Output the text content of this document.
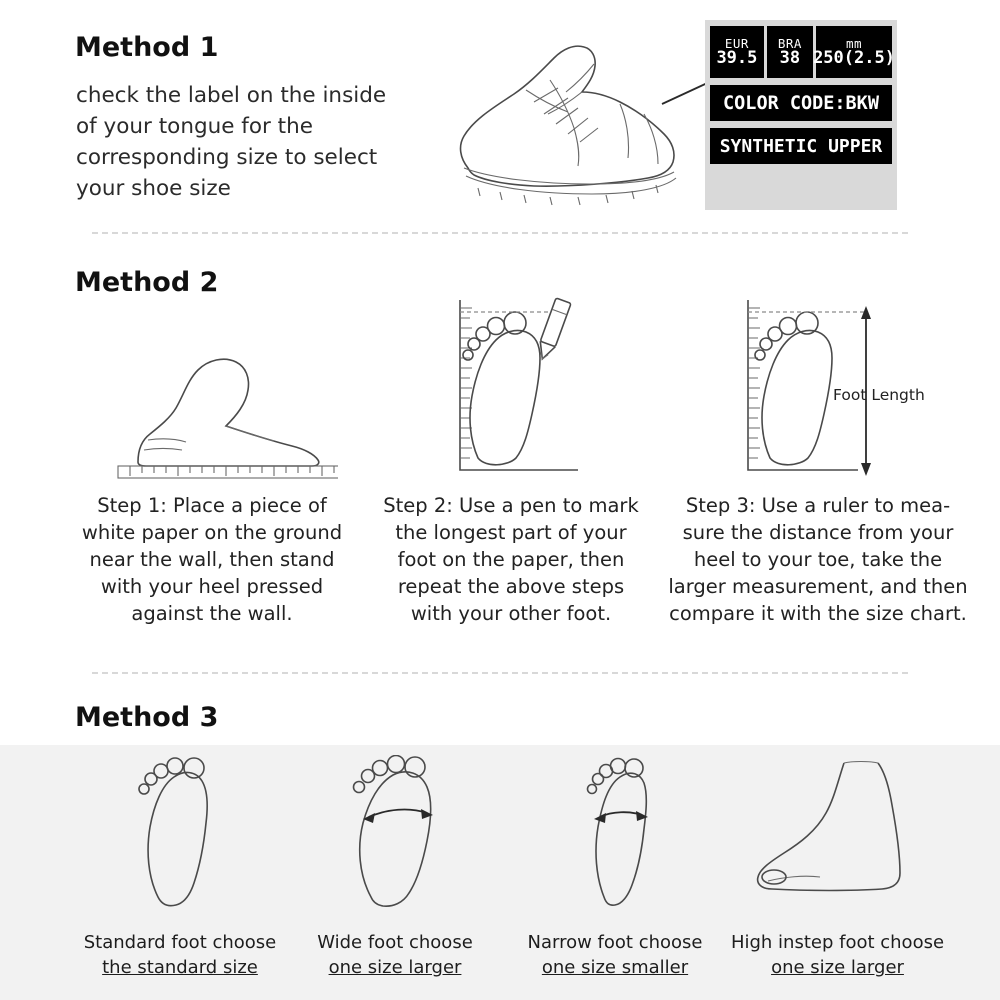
Method 1
check the label on the inside of your tongue for the corresponding size to select your shoe size
EUR
39.5
BRA
38
mm
250(2.5)
COLOR CODE:BKW
SYNTHETIC UPPER
Method 2
Foot Length
Step 1: Place a piece of white paper on the ground near the wall, then stand with your heel pressed against the wall.
Step 2: Use a pen to mark the longest part of your foot on the paper, then repeat the above steps with your other foot.
Step 3: Use a ruler to mea-sure the distance from your heel to your toe, take the larger measurement, and then compare it with the size chart.
Method 3
Standard foot choose
the standard size
Wide foot choose
one size larger
Narrow foot choose
one size smaller
High instep foot choose
one size larger
